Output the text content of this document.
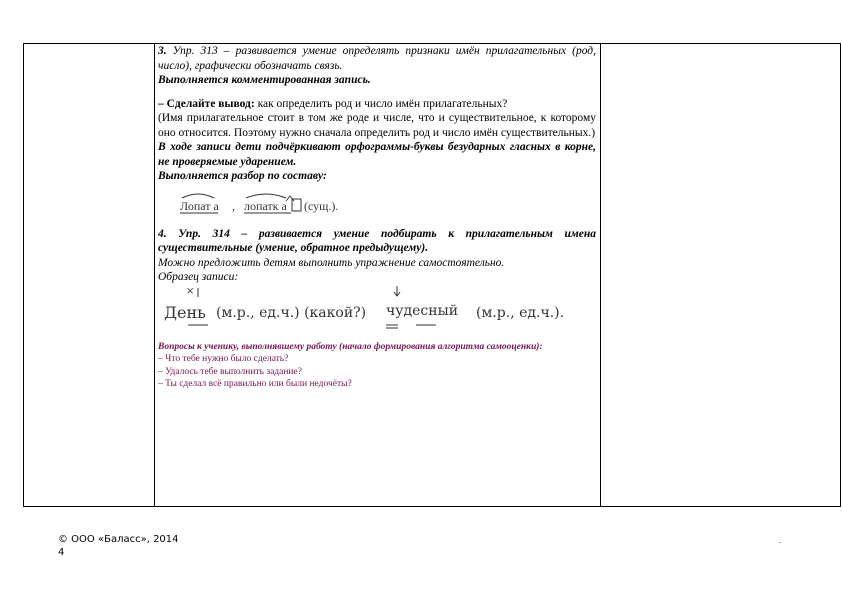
3. Упр. 313 – развивается умение определять признаки имён прилагательных (род, число), графически обозначать связь.

Выполняется комментированная запись.

– Сделайте вывод: как определить род и число имён прилагательных?

(Имя прилагательное стоит в том же роде и числе, что и существительное, к которому оно относится. Поэтому нужно сначала определить род и число имён существительных.)

В ходе записи дети подчёркивают орфограммы-буквы безударных гласных в корне, не проверяемые ударением.

Выполняется разбор по составу:

Лопат а , лопатк а (сущ.).

4. Упр. 314 – развивается умение подбирать к прилагательным имена существительные (умение, обратное предыдущему).

Можно предложить детям выполнить упражнение самостоятельно.

Образец записи:

×
День (м.р., ед.ч.) (какой?) чудесный (м.р., ед.ч.).

Вопросы к ученику, выполнявшему работу (начало формирования алгоритма самооценки):

– Что тебе нужно было сделать?

– Удалось тебе выполнить задание?

– Ты сделал всё правильно или были недочёты?

© ООО «Баласс», 2014
4
.
